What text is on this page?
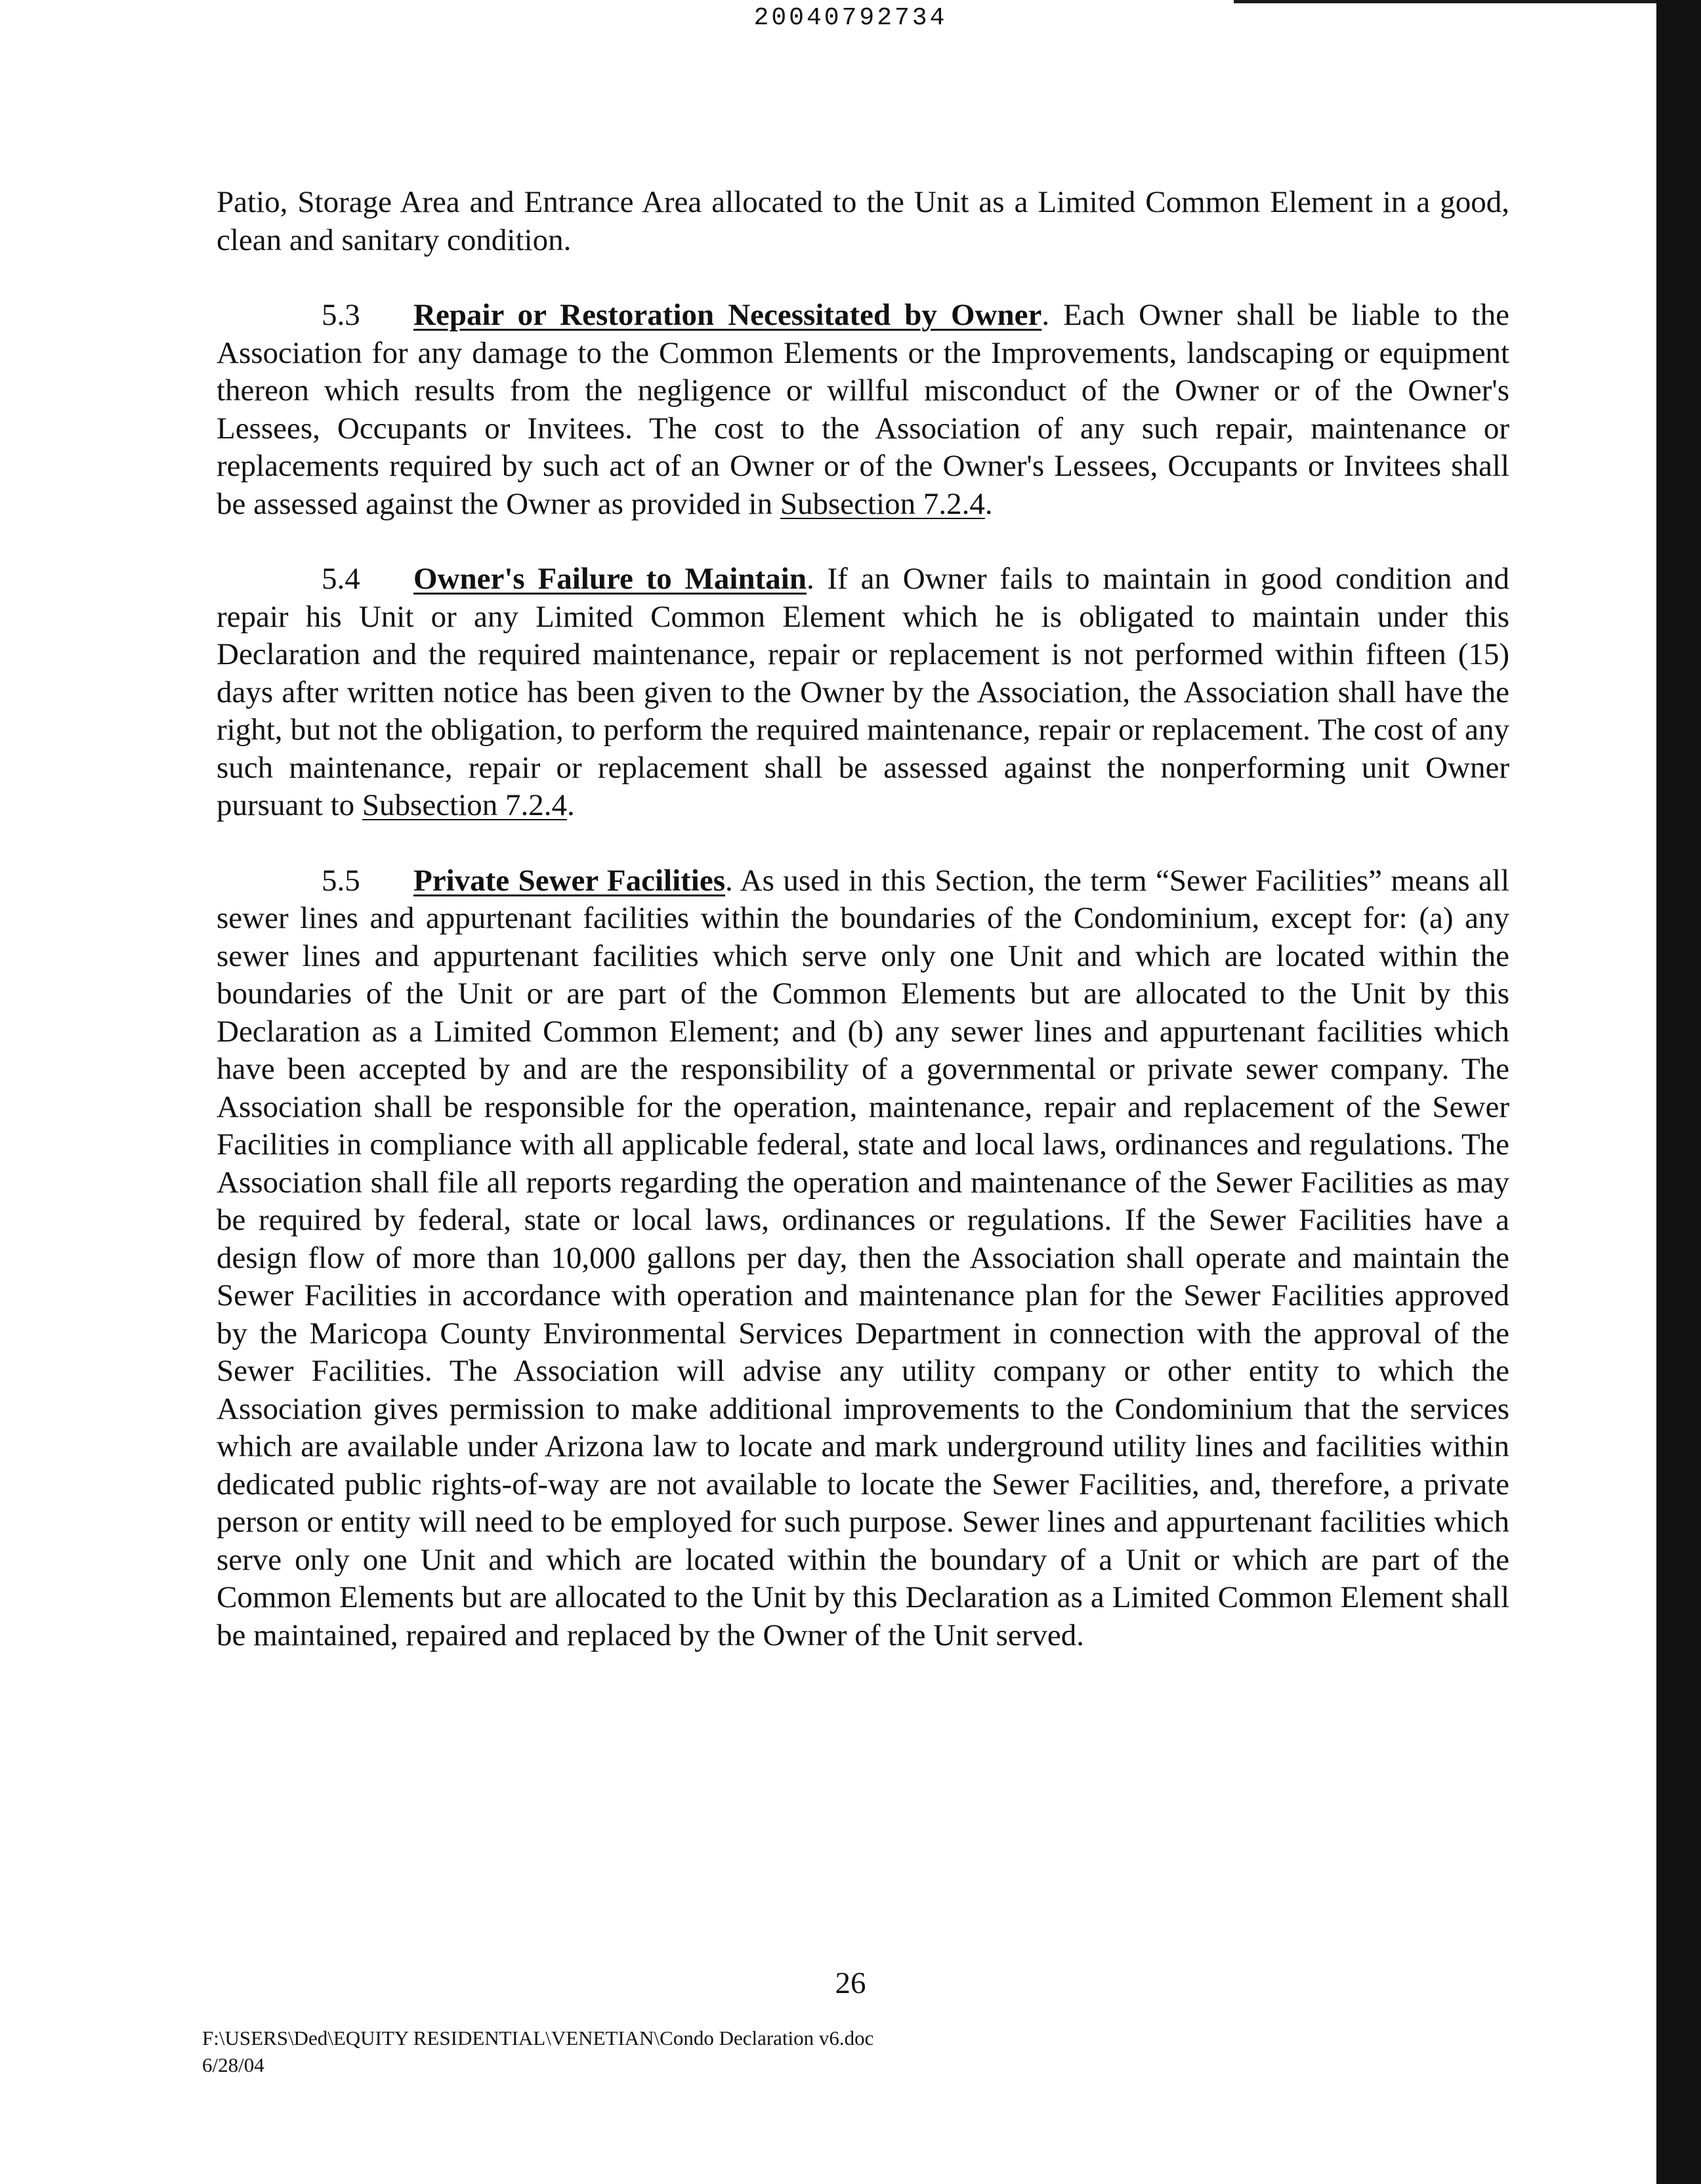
20040792734

Patio, Storage Area and Entrance Area allocated to the Unit as a Limited Common Element in a good, clean and sanitary condition.

5.3 Repair or Restoration Necessitated by Owner. Each Owner shall be liable to the Association for any damage to the Common Elements or the Improvements, landscaping or equipment thereon which results from the negligence or willful misconduct of the Owner or of the Owner's Lessees, Occupants or Invitees. The cost to the Association of any such repair, maintenance or replacements required by such act of an Owner or of the Owner's Lessees, Occupants or Invitees shall be assessed against the Owner as provided in Subsection 7.2.4.

5.4 Owner's Failure to Maintain. If an Owner fails to maintain in good condition and repair his Unit or any Limited Common Element which he is obligated to maintain under this Declaration and the required maintenance, repair or replacement is not performed within fifteen (15) days after written notice has been given to the Owner by the Association, the Association shall have the right, but not the obligation, to perform the required maintenance, repair or replacement. The cost of any such maintenance, repair or replacement shall be assessed against the nonperforming unit Owner pursuant to Subsection 7.2.4.

5.5 Private Sewer Facilities. As used in this Section, the term “Sewer Facilities” means all sewer lines and appurtenant facilities within the boundaries of the Condominium, except for: (a) any sewer lines and appurtenant facilities which serve only one Unit and which are located within the boundaries of the Unit or are part of the Common Elements but are allocated to the Unit by this Declaration as a Limited Common Element; and (b) any sewer lines and appurtenant facilities which have been accepted by and are the responsibility of a governmental or private sewer company. The Association shall be responsible for the operation, maintenance, repair and replacement of the Sewer Facilities in compliance with all applicable federal, state and local laws, ordinances and regulations. The Association shall file all reports regarding the operation and maintenance of the Sewer Facilities as may be required by federal, state or local laws, ordinances or regulations. If the Sewer Facilities have a design flow of more than 10,000 gallons per day, then the Association shall operate and maintain the Sewer Facilities in accordance with operation and maintenance plan for the Sewer Facilities approved by the Maricopa County Environmental Services Department in connection with the approval of the Sewer Facilities. The Association will advise any utility company or other entity to which the Association gives permission to make additional improvements to the Condominium that the services which are available under Arizona law to locate and mark underground utility lines and facilities within dedicated public rights-of-way are not available to locate the Sewer Facilities, and, therefore, a private person or entity will need to be employed for such purpose. Sewer lines and appurtenant facilities which serve only one Unit and which are located within the boundary of a Unit or which are part of the Common Elements but are allocated to the Unit by this Declaration as a Limited Common Element shall be maintained, repaired and replaced by the Owner of the Unit served.

26
F:\USERS\Ded\EQUITY RESIDENTIAL\VENETIAN\Condo Declaration v6.doc
6/28/04
